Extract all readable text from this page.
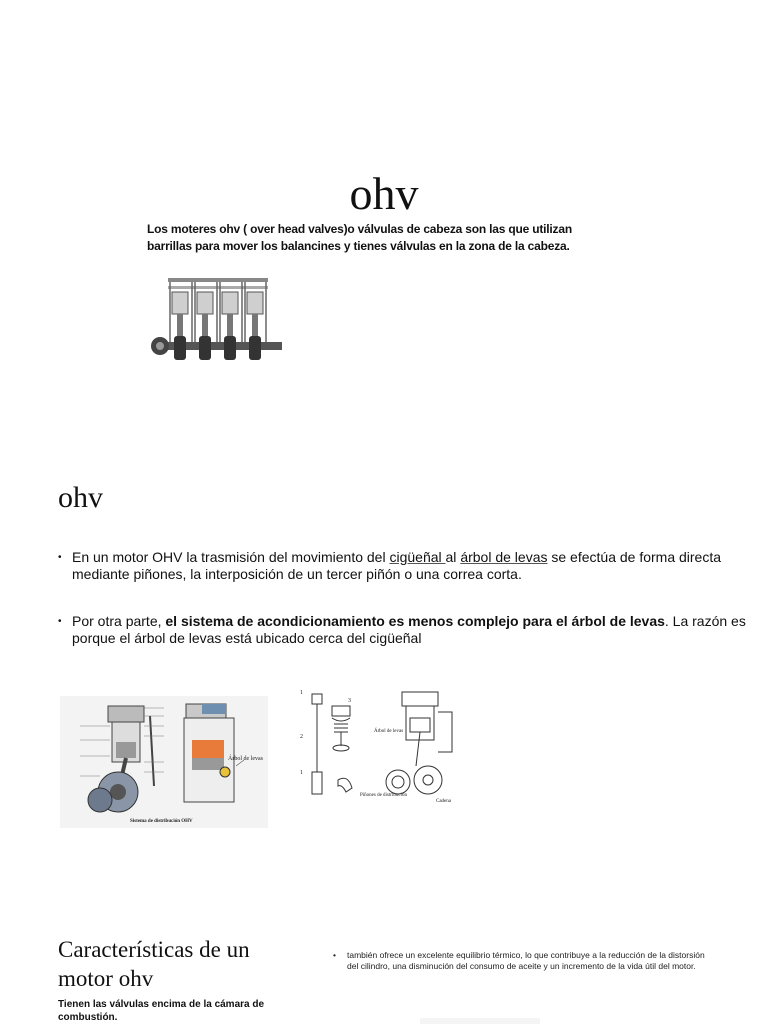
ohv
Los moteres ohv ( over head valves)o válvulas de cabeza son las que utilizan barrillas para mover los balancines y tienes válvulas en la zona de la cabeza.
ohv
• En un motor OHV la trasmisión del movimiento del cigüeñal al árbol de levas se efectúa de forma directa mediante piñones, la interposición de un tercer piñón o una correa corta.
• Por otra parte, el sistema de acondicionamiento es menos complejo para el árbol de levas. La razón es porque el árbol de levas está ubicado cerca del cigüeñal
Árbol de levas
Sistema de distribución OHV
1
2
3
1
Árbol de levas
Piñones de distribución
Cadena
Características de un motor ohv
Tienen las válvulas encima de la cámara de combustión.
• también ofrece un excelente equilibrio térmico, lo que contribuye a la reducción de la distorsión del cilindro, una disminución del consumo de aceite y un incremento de la vida útil del motor.
